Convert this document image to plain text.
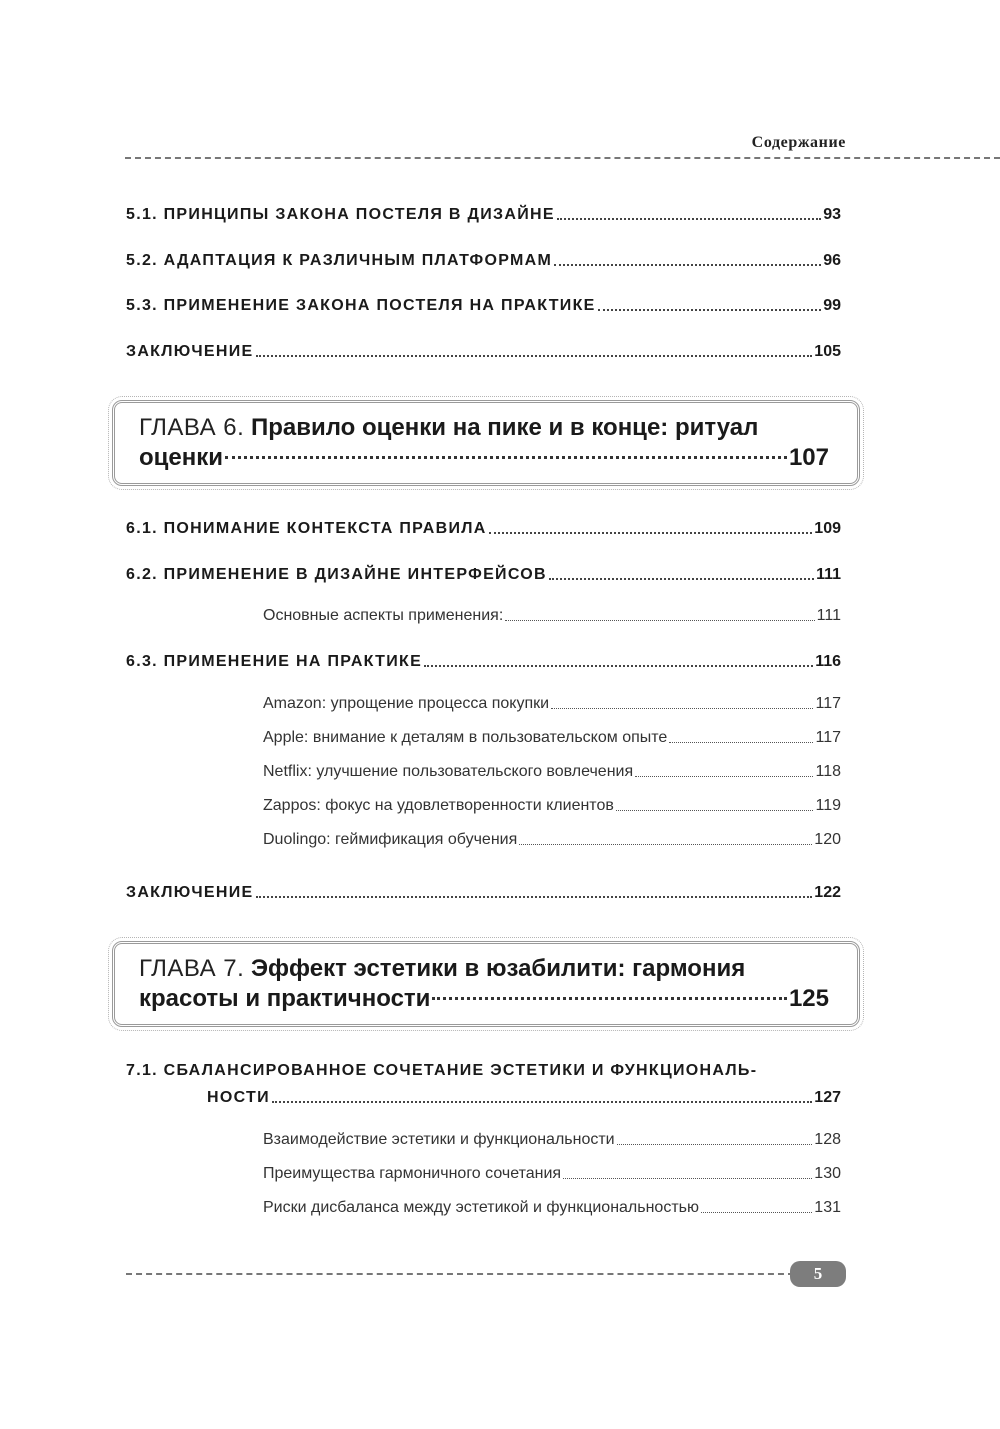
Содержание
5.1. ПРИНЦИПЫ ЗАКОНА ПОСТЕЛЯ В ДИЗАЙНЕ	93
5.2. АДАПТАЦИЯ К РАЗЛИЧНЫМ ПЛАТФОРМАМ	96
5.3. ПРИМЕНЕНИЕ ЗАКОНА ПОСТЕЛЯ НА ПРАКТИКЕ	99
ЗАКЛЮЧЕНИЕ	105
ГЛАВА 6. Правило оценки на пике и в конце: ритуал
оценки	107
6.1. ПОНИМАНИЕ КОНТЕКСТА ПРАВИЛА	109
6.2. ПРИМЕНЕНИЕ В ДИЗАЙНЕ ИНТЕРФЕЙСОВ	111
Основные аспекты применения:	111
6.3. ПРИМЕНЕНИЕ НА ПРАКТИКЕ	116
Amazon: упрощение процесса покупки	117
Apple: внимание к деталям в пользовательском опыте	117
Netflix: улучшение пользовательского вовлечения	118
Zappos: фокус на удовлетворенности клиентов	119
Duolingo: геймификация обучения	120
ЗАКЛЮЧЕНИЕ	122
ГЛАВА 7. Эффект эстетики в юзабилити: гармония
красоты и практичности	125
7.1. СБАЛАНСИРОВАННОЕ СОЧЕТАНИЕ ЭСТЕТИКИ И ФУНКЦИОНАЛЬ-
НОСТИ	127
Взаимодействие эстетики и функциональности	128
Преимущества гармоничного сочетания	130
Риски дисбаланса между эстетикой и функциональностью	131
5
